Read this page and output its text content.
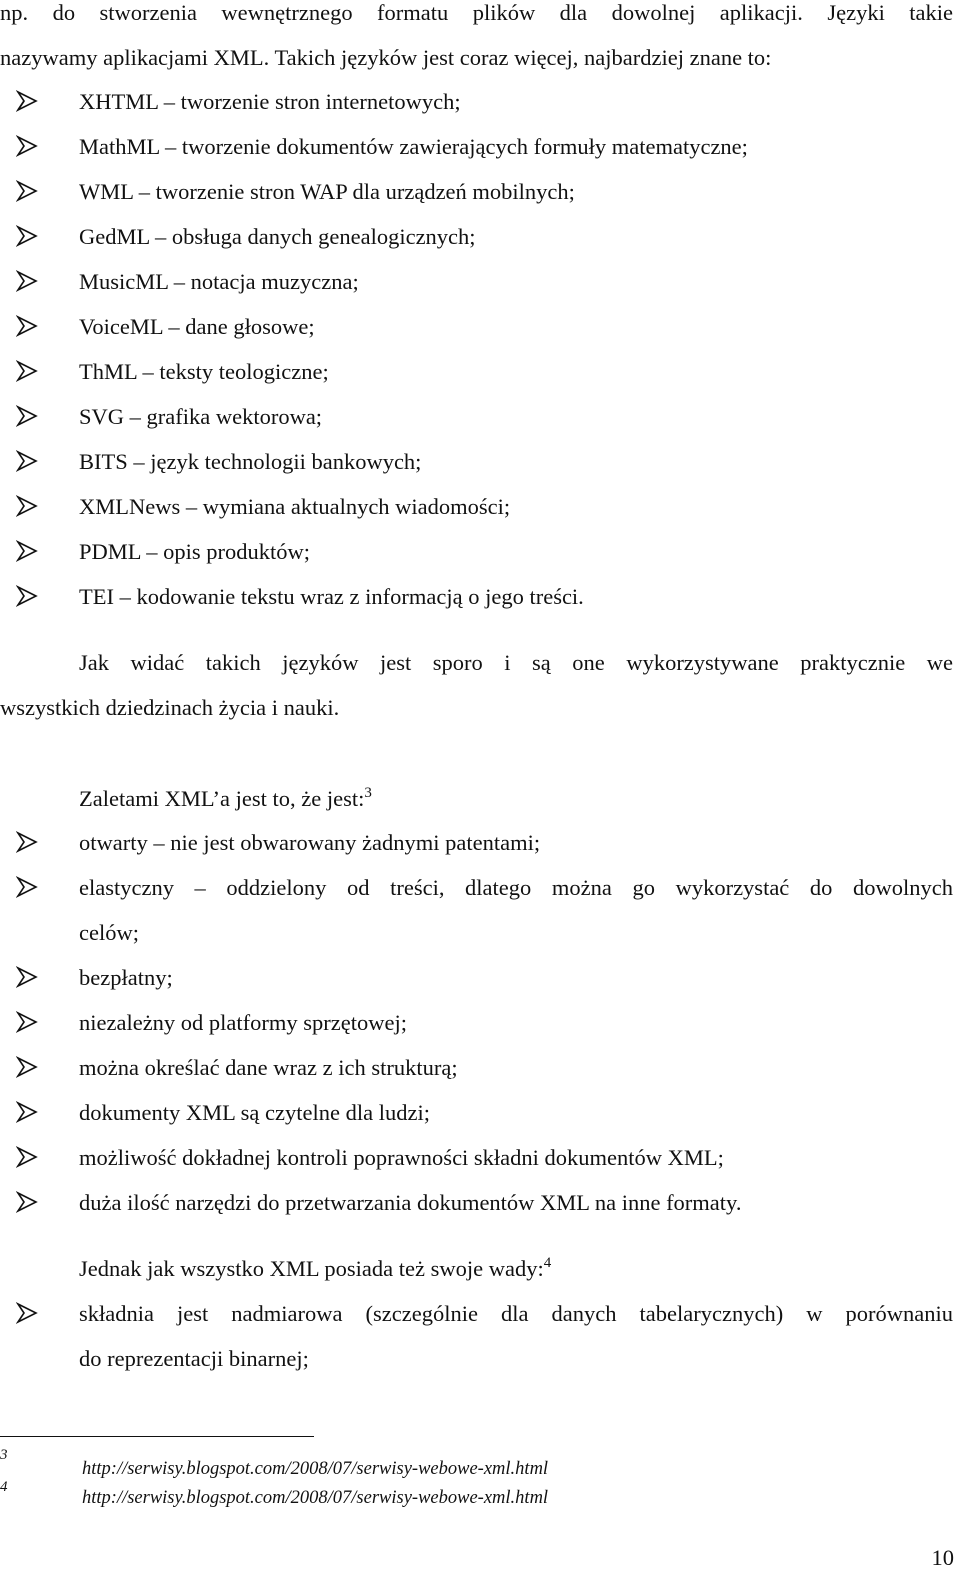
np. do stworzenia wewnętrznego formatu plików dla dowolnej aplikacji. Języki takie
nazywamy aplikacjami XML. Takich języków jest coraz więcej, najbardziej znane to:
XHTML – tworzenie stron internetowych;
MathML – tworzenie dokumentów zawierających formuły matematyczne;
WML – tworzenie stron WAP dla urządzeń mobilnych;
GedML – obsługa danych genealogicznych;
MusicML – notacja muzyczna;
VoiceML – dane głosowe;
ThML – teksty teologiczne;
SVG – grafika wektorowa;
BITS – język technologii bankowych;
XMLNews – wymiana aktualnych wiadomości;
PDML – opis produktów;
TEI – kodowanie tekstu wraz z informacją o jego treści.
Jak widać takich języków jest sporo i są one wykorzystywane praktycznie we
wszystkich dziedzinach życia i nauki.
Zaletami XML’a jest to, że jest:$^3$
otwarty – nie jest obwarowany żadnymi patentami;
elastyczny – oddzielony od treści, dlatego można go wykorzystać do dowolnych
celów;
bezpłatny;
niezależny od platformy sprzętowej;
można określać dane wraz z ich strukturą;
dokumenty XML są czytelne dla ludzi;
możliwość dokładnej kontroli poprawności składni dokumentów XML;
duża ilość narzędzi do przetwarzania dokumentów XML na inne formaty.
Jednak jak wszystko XML posiada też swoje wady:$^4$
składnia jest nadmiarowa (szczególnie dla danych tabelarycznych) w porównaniu
do reprezentacji binarnej;
3
http://serwisy.blogspot.com/2008/07/serwisy-webowe-xml.html
4
http://serwisy.blogspot.com/2008/07/serwisy-webowe-xml.html
10
